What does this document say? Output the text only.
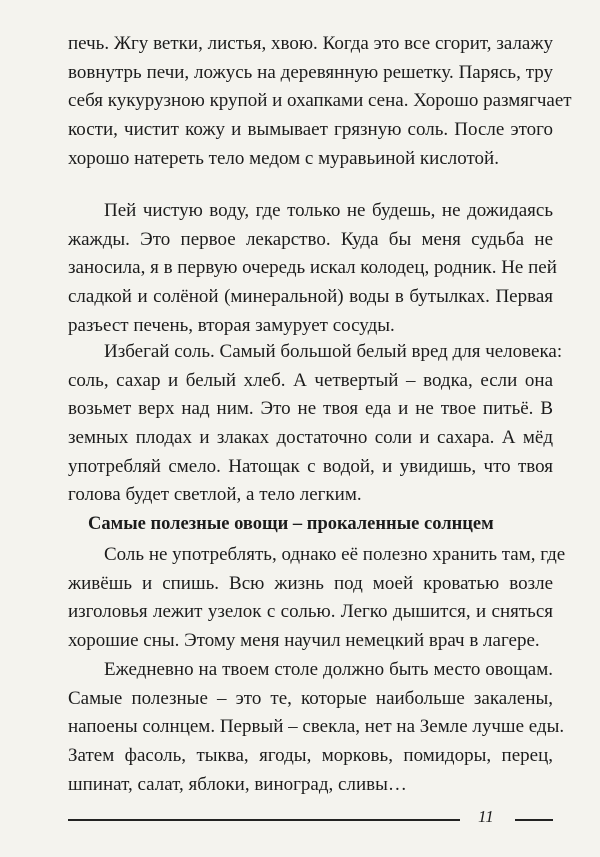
печь. Жгу ветки, листья, хвою. Когда это все сгорит, залажу
вовнутрь печи, ложусь на деревянную решетку. Парясь, тру
себя кукурузною крупой и охапками сена. Хорошо размягчает
кости, чистит кожу и вымывает грязную соль. После этого
хорошо натереть тело медом с муравьиной кислотой.
Пей чистую воду, где только не будешь, не дожидаясь
жажды. Это первое лекарство. Куда бы меня судьба не
заносила, я в первую очередь искал колодец, родник. Не пей
сладкой и солёной (минеральной) воды в бутылках. Первая
разъест печень, вторая замурует сосуды.
Избегай соль. Самый большой белый вред для человека:
соль, сахар и белый хлеб. А четвертый – водка, если она
возьмет верх над ним. Это не твоя еда и не твое питьё. В
земных плодах и злаках достаточно соли и сахара. А мёд
употребляй смело. Натощак с водой, и увидишь, что твоя
голова будет светлой, а тело легким.
Самые полезные овощи – прокаленные солнцем
Соль не употреблять, однако её полезно хранить там, где
живёшь и спишь. Всю жизнь под моей кроватью возле
изголовья лежит узелок с солью. Легко дышится, и сняться
хорошие сны. Этому меня научил немецкий врач в лагере.
Ежедневно на твоем столе должно быть место овощам.
Самые полезные – это те, которые наибольше закалены,
напоены солнцем. Первый – свекла, нет на Земле лучше еды.
Затем фасоль, тыква, ягоды, морковь, помидоры, перец,
шпинат, салат, яблоки, виноград, сливы…
11
